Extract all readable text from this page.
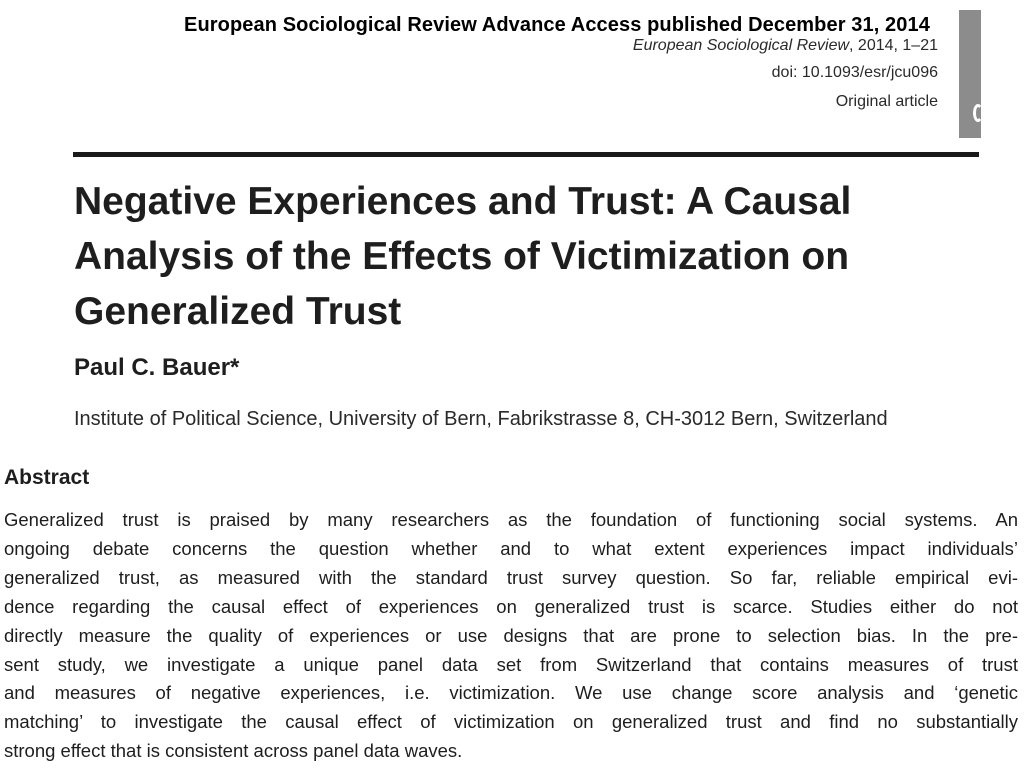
European Sociological Review Advance Access published December 31, 2014
European Sociological Review, 2014, 1–21
doi: 10.1093/esr/jcu096
Original article
Negative Experiences and Trust: A Causal Analysis of the Effects of Victimization on Generalized Trust
Paul C. Bauer*
Institute of Political Science, University of Bern, Fabrikstrasse 8, CH-3012 Bern, Switzerland
Abstract
Generalized trust is praised by many researchers as the foundation of functioning social systems. An
ongoing debate concerns the question whether and to what extent experiences impact individuals’
generalized trust, as measured with the standard trust survey question. So far, reliable empirical evi-
dence regarding the causal effect of experiences on generalized trust is scarce. Studies either do not
directly measure the quality of experiences or use designs that are prone to selection bias. In the pre-
sent study, we investigate a unique panel data set from Switzerland that contains measures of trust
and measures of negative experiences, i.e. victimization. We use change score analysis and ‘genetic
matching’ to investigate the causal effect of victimization on generalized trust and find no substantially
strong effect that is consistent across panel data waves.
